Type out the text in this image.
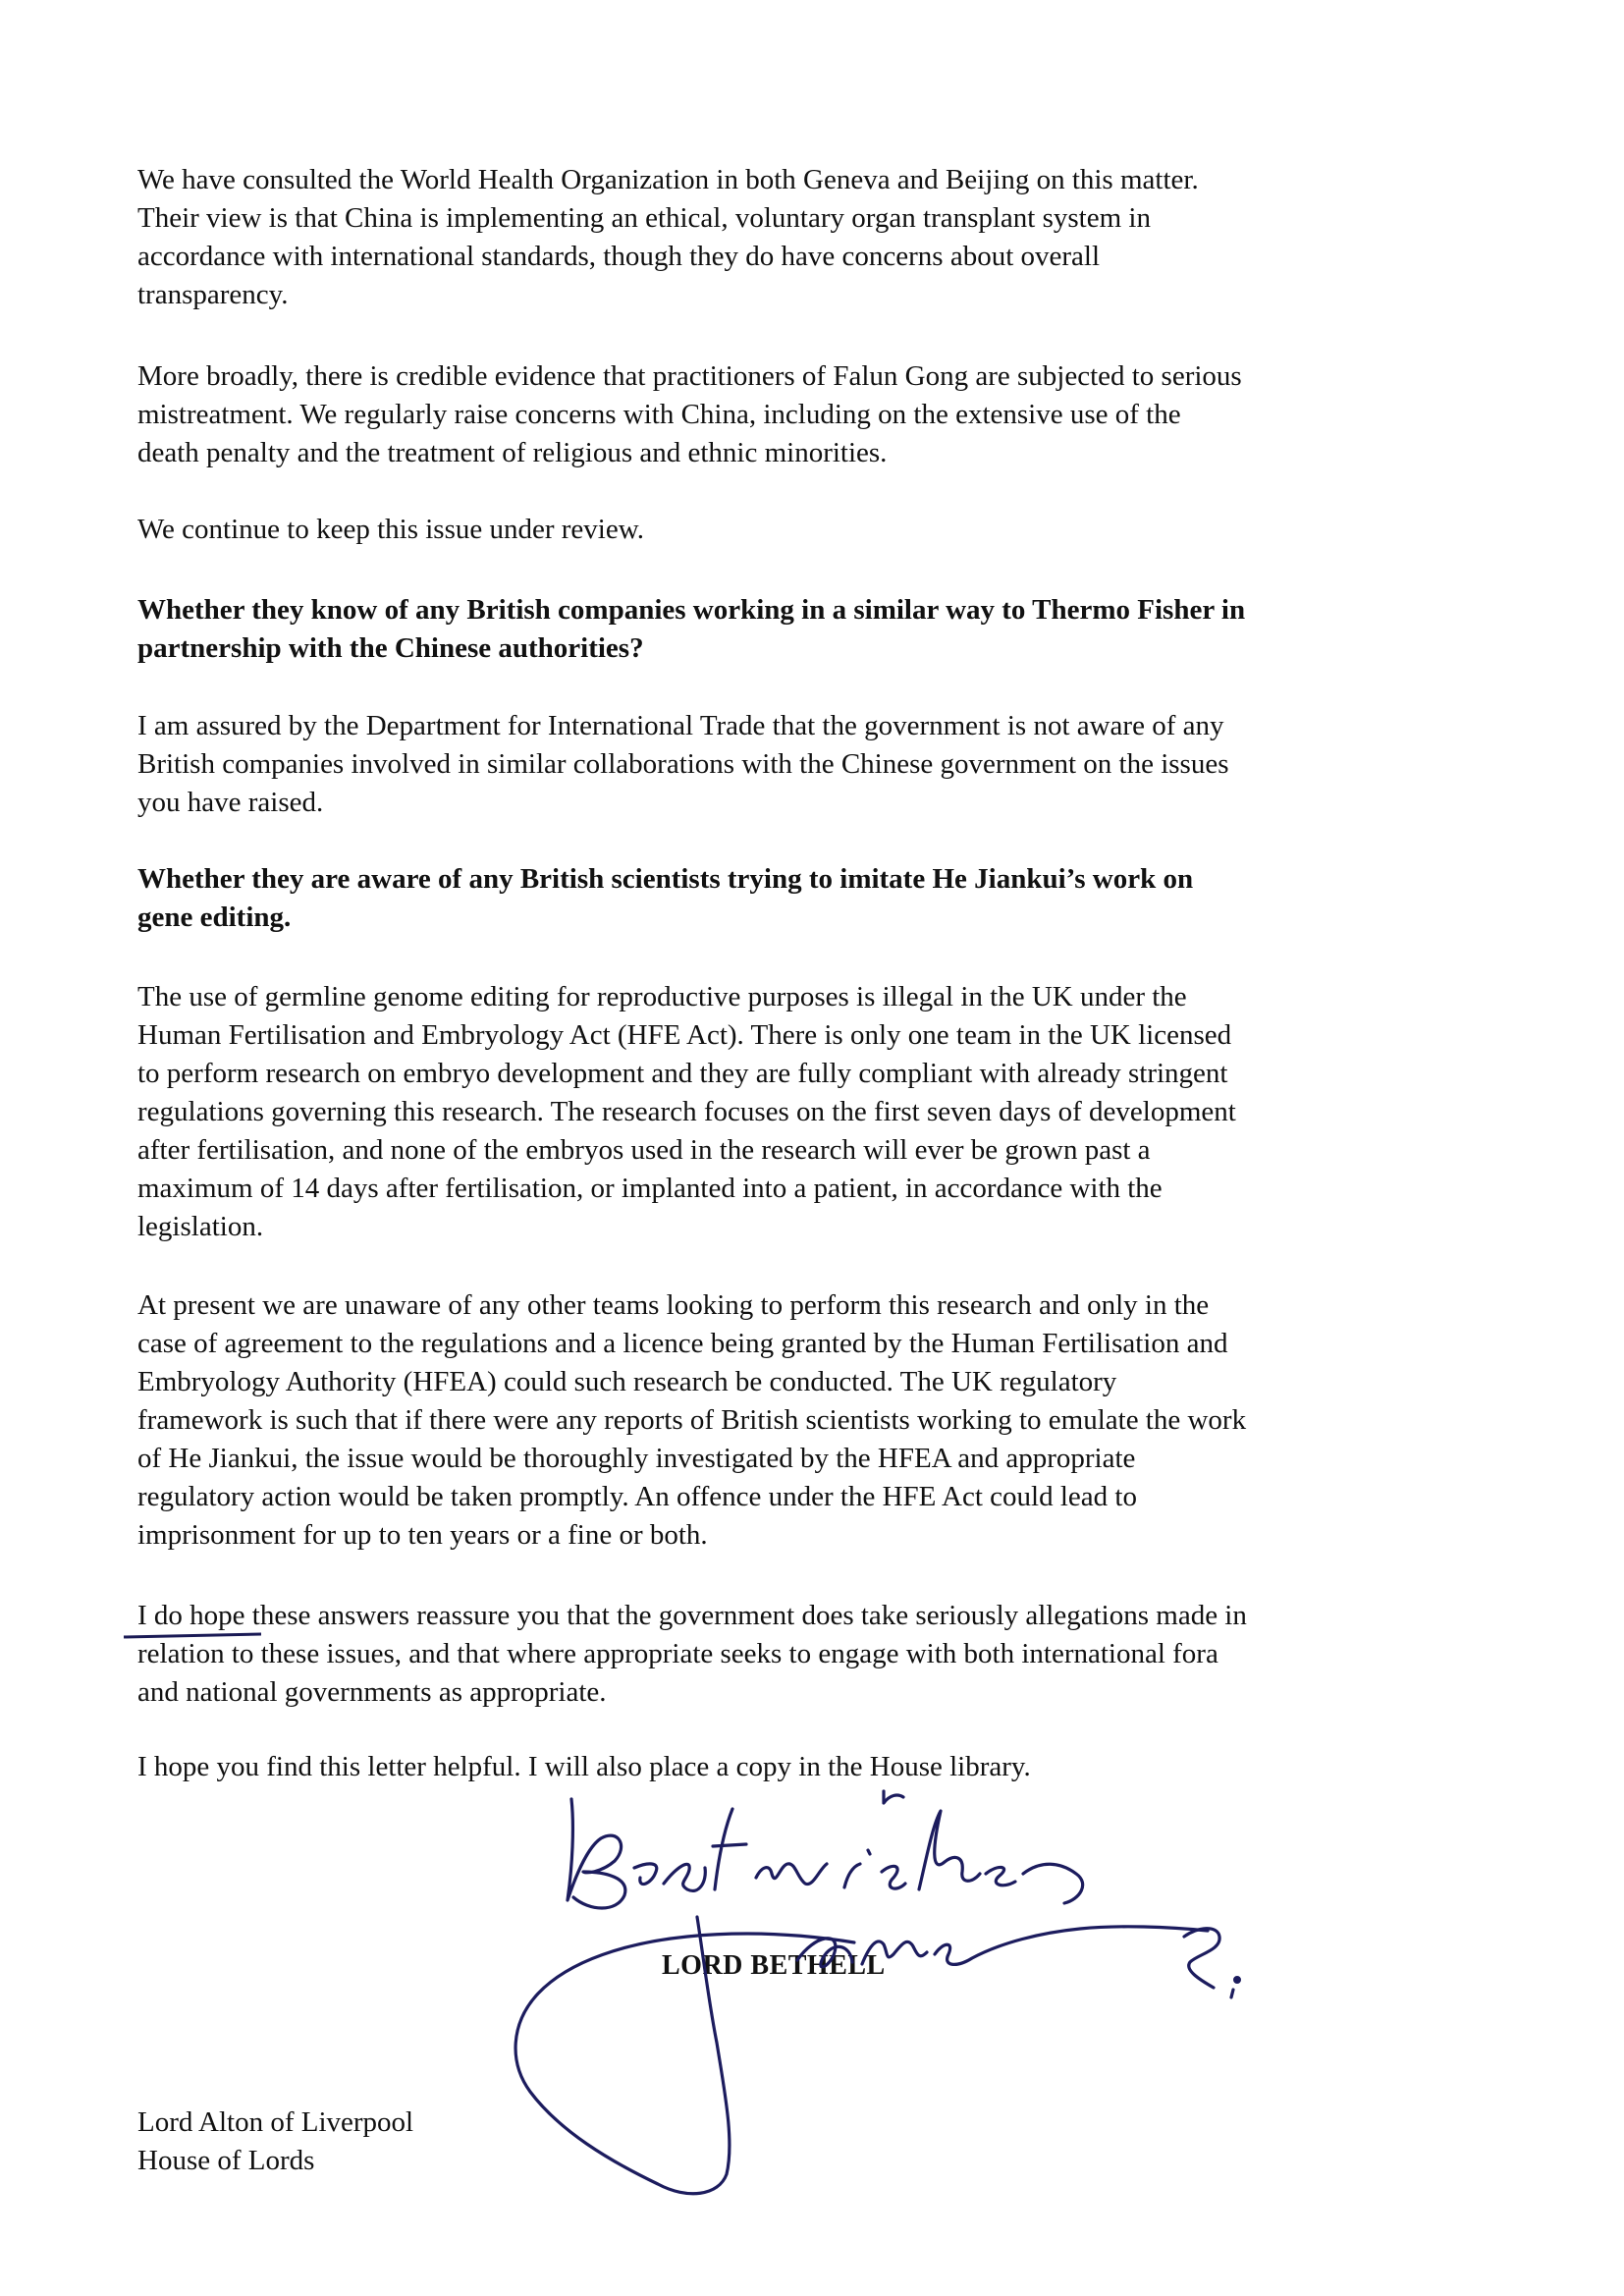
We have consulted the World Health Organization in both Geneva and Beijing on this matter.
Their view is that China is implementing an ethical, voluntary organ transplant system in
accordance with international standards, though they do have concerns about overall
transparency.

More broadly, there is credible evidence that practitioners of Falun Gong are subjected to serious
mistreatment. We regularly raise concerns with China, including on the extensive use of the
death penalty and the treatment of religious and ethnic minorities.

We continue to keep this issue under review.

Whether they know of any British companies working in a similar way to Thermo Fisher in
partnership with the Chinese authorities?

I am assured by the Department for International Trade that the government is not aware of any
British companies involved in similar collaborations with the Chinese government on the issues
you have raised.

Whether they are aware of any British scientists trying to imitate He Jiankui’s work on
gene editing.

The use of germline genome editing for reproductive purposes is illegal in the UK under the
Human Fertilisation and Embryology Act (HFE Act). There is only one team in the UK licensed
to perform research on embryo development and they are fully compliant with already stringent
regulations governing this research. The research focuses on the first seven days of development
after fertilisation, and none of the embryos used in the research will ever be grown past a
maximum of 14 days after fertilisation, or implanted into a patient, in accordance with the
legislation.

At present we are unaware of any other teams looking to perform this research and only in the
case of agreement to the regulations and a licence being granted by the Human Fertilisation and
Embryology Authority (HFEA) could such research be conducted. The UK regulatory
framework is such that if there were any reports of British scientists working to emulate the work
of He Jiankui, the issue would be thoroughly investigated by the HFEA and appropriate
regulatory action would be taken promptly. An offence under the HFE Act could lead to
imprisonment for up to ten years or a fine or both.

I do hope these answers reassure you that the government does take seriously allegations made in
relation to these issues, and that where appropriate seeks to engage with both international fora
and national governments as appropriate.

I hope you find this letter helpful. I will also place a copy in the House library.

LORD BETHELL

Lord Alton of Liverpool
House of Lords
